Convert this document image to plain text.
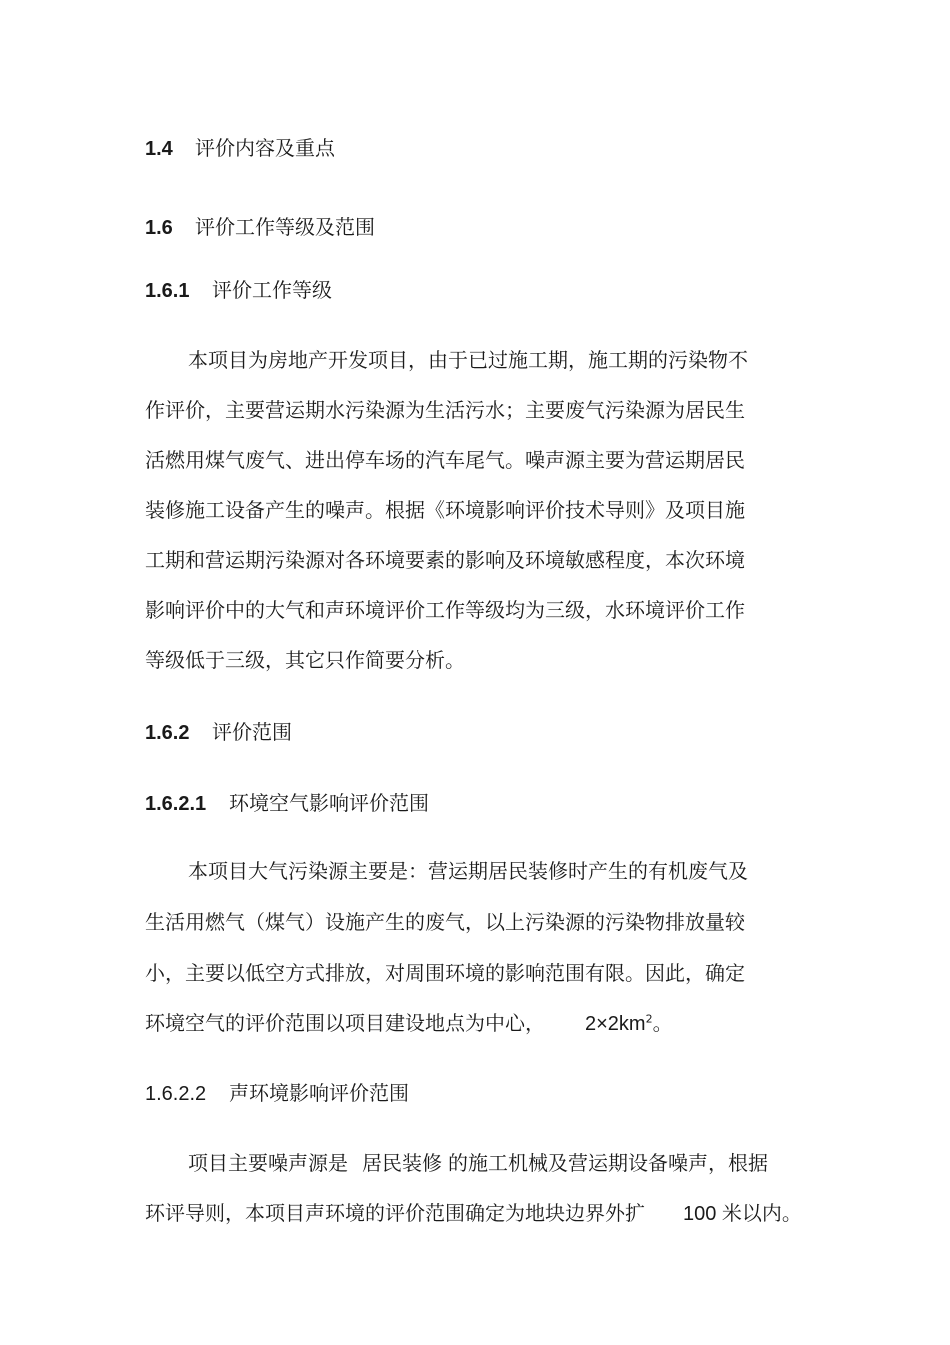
1.4 评价内容及重点
1.6 评价工作等级及范围
1.6.1 评价工作等级
本项目为房地产开发项目，由于已过施工期，施工期的污染物不
作评价，主要营运期水污染源为生活污水；主要废气污染源为居民生
活燃用煤气废气、进出停车场的汽车尾气。噪声源主要为营运期居民
装修施工设备产生的噪声。根据《环境影响评价技术导则》及项目施
工期和营运期污染源对各环境要素的影响及环境敏感程度，本次环境
影响评价中的大气和声环境评价工作等级均为三级，水环境评价工作
等级低于三级，其它只作简要分析。
1.6.2 评价范围
1.6.2.1 环境空气影响评价范围
本项目大气污染源主要是：营运期居民装修时产生的有机废气及
生活用燃气（煤气）设施产生的废气，以上污染源的污染物排放量较
小，主要以低空方式排放，对周围环境的影响范围有限。因此，确定
环境空气的评价范围以项目建设地点为中心， $2\times 2km^2$。
1.6.2.2 声环境影响评价范围
项目主要噪声源是 居民装修 的施工机械及营运期设备噪声，根据
环评导则，本项目声环境的评价范围确定为地块边界外扩 100 米以内。
